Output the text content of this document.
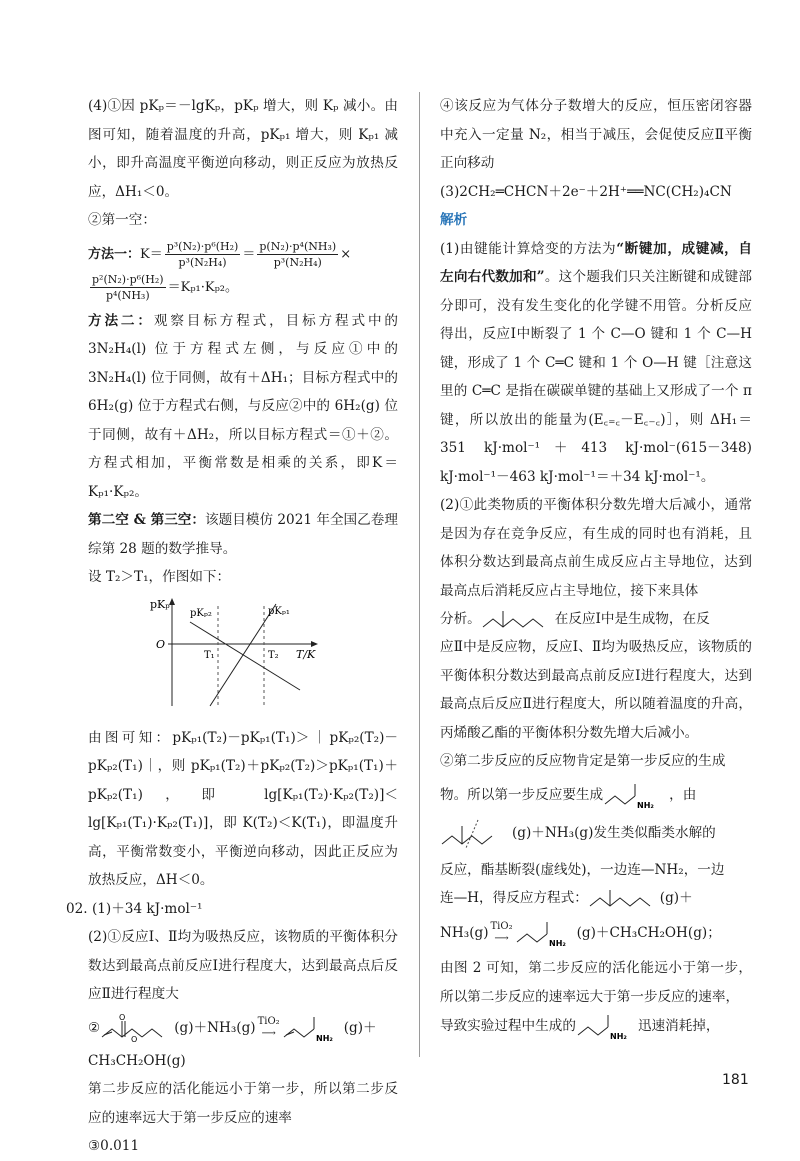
(4)①因 pKₚ＝－lgKₚ，pKₚ 增大，则 Kₚ 减小。由图可知，随着温度的升高，pKₚ₁ 增大，则 Kₚ₁ 减小，即升高温度平衡逆向移动，则正反应为放热反应，ΔH₁＜0。

②第一空：

方法一：$K= \frac{\text{p³(N₂)·p⁶(H₂)}}{\text{p³(N₂H₄)}} = \frac{\text{p(N₂)·p⁴(NH₃)}}{\text{p³(N₂H₄)}}$ ×

$\frac{\text{p²(N₂)·p⁶(H₂)}}{\text{p⁴(NH₃)}} =K_{p1}\cdot K_{p2}$。

方法二：观察目标方程式，目标方程式中的 3N₂H₄(l) 位于方程式左侧，与反应①中的 3N₂H₄(l) 位于同侧，故有＋ΔH₁；目标方程式中的 6H₂(g) 位于方程式右侧，与反应②中的 6H₂(g) 位于同侧，故有＋ΔH₂，所以目标方程式＝①＋②。方程式相加，平衡常数是相乘的关系，即K＝Kₚ₁·Kₚ₂。

第二空 & 第三空：该题目模仿 2021 年全国乙卷理综第 28 题的数学推导。

设 T₂＞T₁，作图如下：

pKₚ
T/K
O
T₁	T₂
pKₚ₂	pKₚ₁

由图可知：pKₚ₁(T₂)－pKₚ₁(T₁)＞｜pKₚ₂(T₂)－pKₚ₂(T₁)｜，则 pKₚ₁(T₂)＋pKₚ₂(T₂)＞pKₚ₁(T₁)＋pKₚ₂(T₁)，即 lg[Kₚ₁(T₂)·Kₚ₂(T₂)]＜lg[Kₚ₁(T₁)·Kₚ₂(T₁)]，即 K(T₂)＜K(T₁)，即温度升高，平衡常数变小，平衡逆向移动，因此正反应为放热反应，ΔH＜0。

02. (1)＋34 kJ·mol⁻¹

(2)①反应Ⅰ、Ⅱ均为吸热反应，该物质的平衡体积分数达到最高点前反应Ⅰ进行程度大，达到最高点后反应Ⅱ进行程度大

②
O
O
(g)＋NH₃(g) TiO₂
⟶	NH₂
(g)＋

CH₃CH₂OH(g)

第二步反应的活化能远小于第一步，所以第二步反应的速率远大于第一步反应的速率

③0.011

④该反应为气体分子数增大的反应，恒压密闭容器中充入一定量 N₂，相当于减压，会促使反应Ⅱ平衡正向移动

(3)2CH₂═CHCN＋2e⁻＋2H⁺══NC(CH₂)₄CN

解析

(1)由键能计算焓变的方法为“断键加，成键减，自左向右代数加和”。这个题我们只关注断键和成键部分即可，没有发生变化的化学键不用管。分析反应得出，反应Ⅰ中断裂了 1 个 C—O 键和 1 个 C—H 键，形成了 1 个 C═C 键和 1 个 O—H 键［注意这里的 C═C 是指在碳碳单键的基础上又形成了一个 π 键，所以放出的能量为(E꜀₌꜀－E꜀₋꜀)］，则 ΔH₁＝351 kJ·mol⁻¹＋413 kJ·mol⁻(615－348) kJ·mol⁻¹－463 kJ·mol⁻¹＝＋34 kJ·mol⁻¹。

(2)①此类物质的平衡体积分数先增大后减小，通常是因为存在竞争反应，有生成的同时也有消耗，且体积分数达到最高点前生成反应占主导地位，达到最高点后消耗反应占主导地位，接下来具体

分析。	在反应Ⅰ中是生成物，在反

应Ⅱ中是反应物，反应Ⅰ、Ⅱ均为吸热反应，该物质的平衡体积分数达到最高点前反应Ⅰ进行程度大，达到最高点后反应Ⅱ进行程度大，所以随着温度的升高，丙烯酸乙酯的平衡体积分数先增大后减小。

②第二步反应的反应物肯定是第一步反应的生成

物。所以第一步反应要生成
NH₂
，由
(g)＋NH₃(g)发生类似酯类水解的

反应，酯基断裂(虚线处)，一边连—NH₂，一边

连—H，得反应方程式：	(g)＋
NH₃(g) TiO₂
⟶	NH₂
(g)＋CH₃CH₂OH(g)；

由图 2 可知，第二步反应的活化能远小于第一步，所以第二步反应的速率远大于第一步反应的速率，

导致实验过程中生成的
NH₂
迅速消耗掉，
181
